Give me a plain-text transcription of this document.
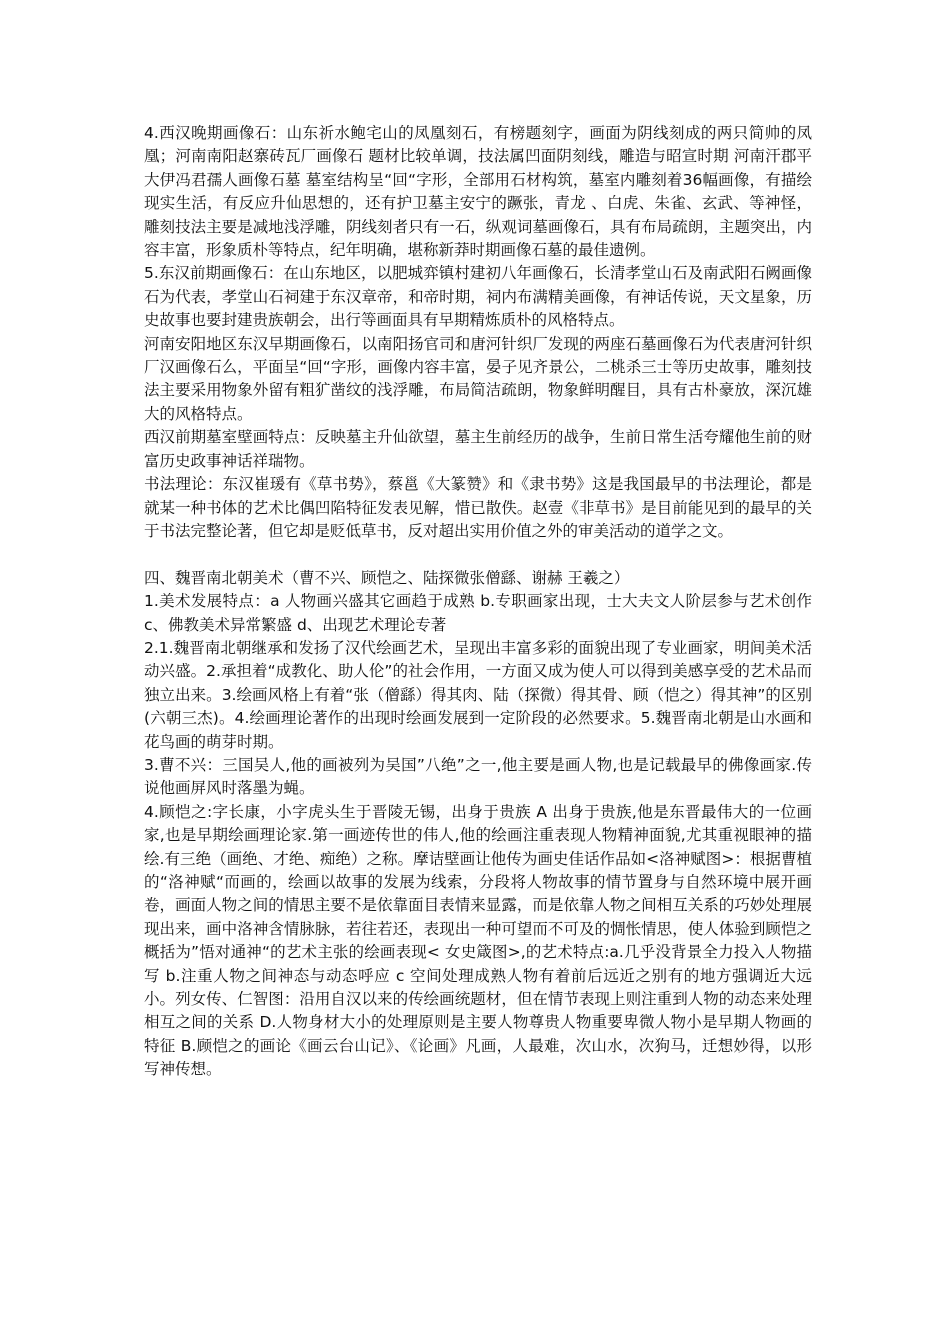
4.西汉晚期画像石：山东祈水鲍宅山的凤凰刻石，有榜题刻字，画面为阴线刻成的两只简帅的凤凰；河南南阳赵寨砖瓦厂画像石 题材比较单调，技法属凹面阴刻线，雕造与昭宣时期 河南汗郡平大伊冯君孺人画像石墓 墓室结构呈“回“字形，全部用石材构筑，墓室内雕刻着36幅画像，有描绘现实生活，有反应升仙思想的，还有护卫墓主安宁的蹶张，青龙 、白虎、朱雀、玄武、等神怪，雕刻技法主要是减地浅浮雕，阴线刻者只有一石，纵观词墓画像石，具有布局疏朗，主题突出，内容丰富，形象质朴等特点，纪年明确，堪称新莽时期画像石墓的最佳遗例。

5.东汉前期画像石：在山东地区，以肥城弈镇村建初八年画像石，长清孝堂山石及南武阳石阙画像石为代表，孝堂山石祠建于东汉章帝，和帝时期，祠内布满精美画像，有神话传说，天文星象，历史故事也要封建贵族朝会，出行等画面具有早期精炼质朴的风格特点。

河南安阳地区东汉早期画像石，以南阳扬官司和唐河针织厂发现的两座石墓画像石为代表唐河针织厂汉画像石么，平面呈“回“字形，画像内容丰富，晏子见齐景公，二桃杀三士等历史故事，雕刻技法主要采用物象外留有粗犷凿纹的浅浮雕，布局简洁疏朗，物象鲜明醒目，具有古朴豪放，深沉雄大的风格特点。

西汉前期墓室壁画特点：反映墓主升仙欲望，墓主生前经历的战争，生前日常生活夸耀他生前的财富历史政事神话祥瑞物。

书法理论：东汉崔瑗有《草书势》，蔡邕《大篆赞》和《隶书势》这是我国最早的书法理论，都是就某一种书体的艺术比偶凹陷特征发表见解，惜已散佚。赵壹《非草书》是目前能见到的最早的关于书法完整论著，但它却是贬低草书，反对超出实用价值之外的审美活动的道学之文。

四、魏晋南北朝美术（曹不兴、顾恺之、陆探微张僧繇、谢赫 王羲之）

1.美术发展特点：a 人物画兴盛其它画趋于成熟 b.专职画家出现，士大夫文人阶层参与艺术创作 c、佛教美术异常繁盛 d、出现艺术理论专著

2.1.魏晋南北朝继承和发扬了汉代绘画艺术，呈现出丰富多彩的面貌出现了专业画家，明间美术活动兴盛。2.承担着“成教化、助人伦”的社会作用，一方面又成为使人可以得到美感享受的艺术品而独立出来。3.绘画风格上有着“张（僧繇）得其肉、陆（探微）得其骨、顾（恺之）得其神”的区别(六朝三杰)。4.绘画理论著作的出现时绘画发展到一定阶段的必然要求。5.魏晋南北朝是山水画和花鸟画的萌芽时期。

3.曹不兴：三国吴人,他的画被列为吴国”八绝”之一,他主要是画人物,也是记载最早的佛像画家.传说他画屏风时落墨为蝇。

4.顾恺之:字长康，小字虎头生于晋陵无锡，出身于贵族 A 出身于贵族,他是东晋最伟大的一位画家,也是早期绘画理论家.第一画迹传世的伟人,他的绘画注重表现人物精神面貌,尤其重视眼神的描绘.有三绝（画绝、才绝、痴绝）之称。摩诘壁画让他传为画史佳话作品如<洛神赋图>：根据曹植的“洛神赋“而画的，绘画以故事的发展为线索，分段将人物故事的情节置身与自然环境中展开画卷，画面人物之间的情思主要不是依靠面目表情来显露，而是依靠人物之间相互关系的巧妙处理展现出来，画中洛神含情脉脉，若往若还，表现出一种可望而不可及的惆怅情思，使人体验到顾恺之概括为”悟对通神“的艺术主张的绘画表现< 女史箴图>,的艺术特点:a.几乎没背景全力投入人物描写 b.注重人物之间神态与动态呼应 c 空间处理成熟人物有着前后远近之别有的地方强调近大远小。列女传、仁智图：沿用自汉以来的传绘画统题材，但在情节表现上则注重到人物的动态来处理相互之间的关系 D.人物身材大小的处理原则是主要人物尊贵人物重要卑微人物小是早期人物画的特征 B.顾恺之的画论《画云台山记》、《论画》凡画，人最难，次山水，次狗马，迁想妙得，以形写神传想。
